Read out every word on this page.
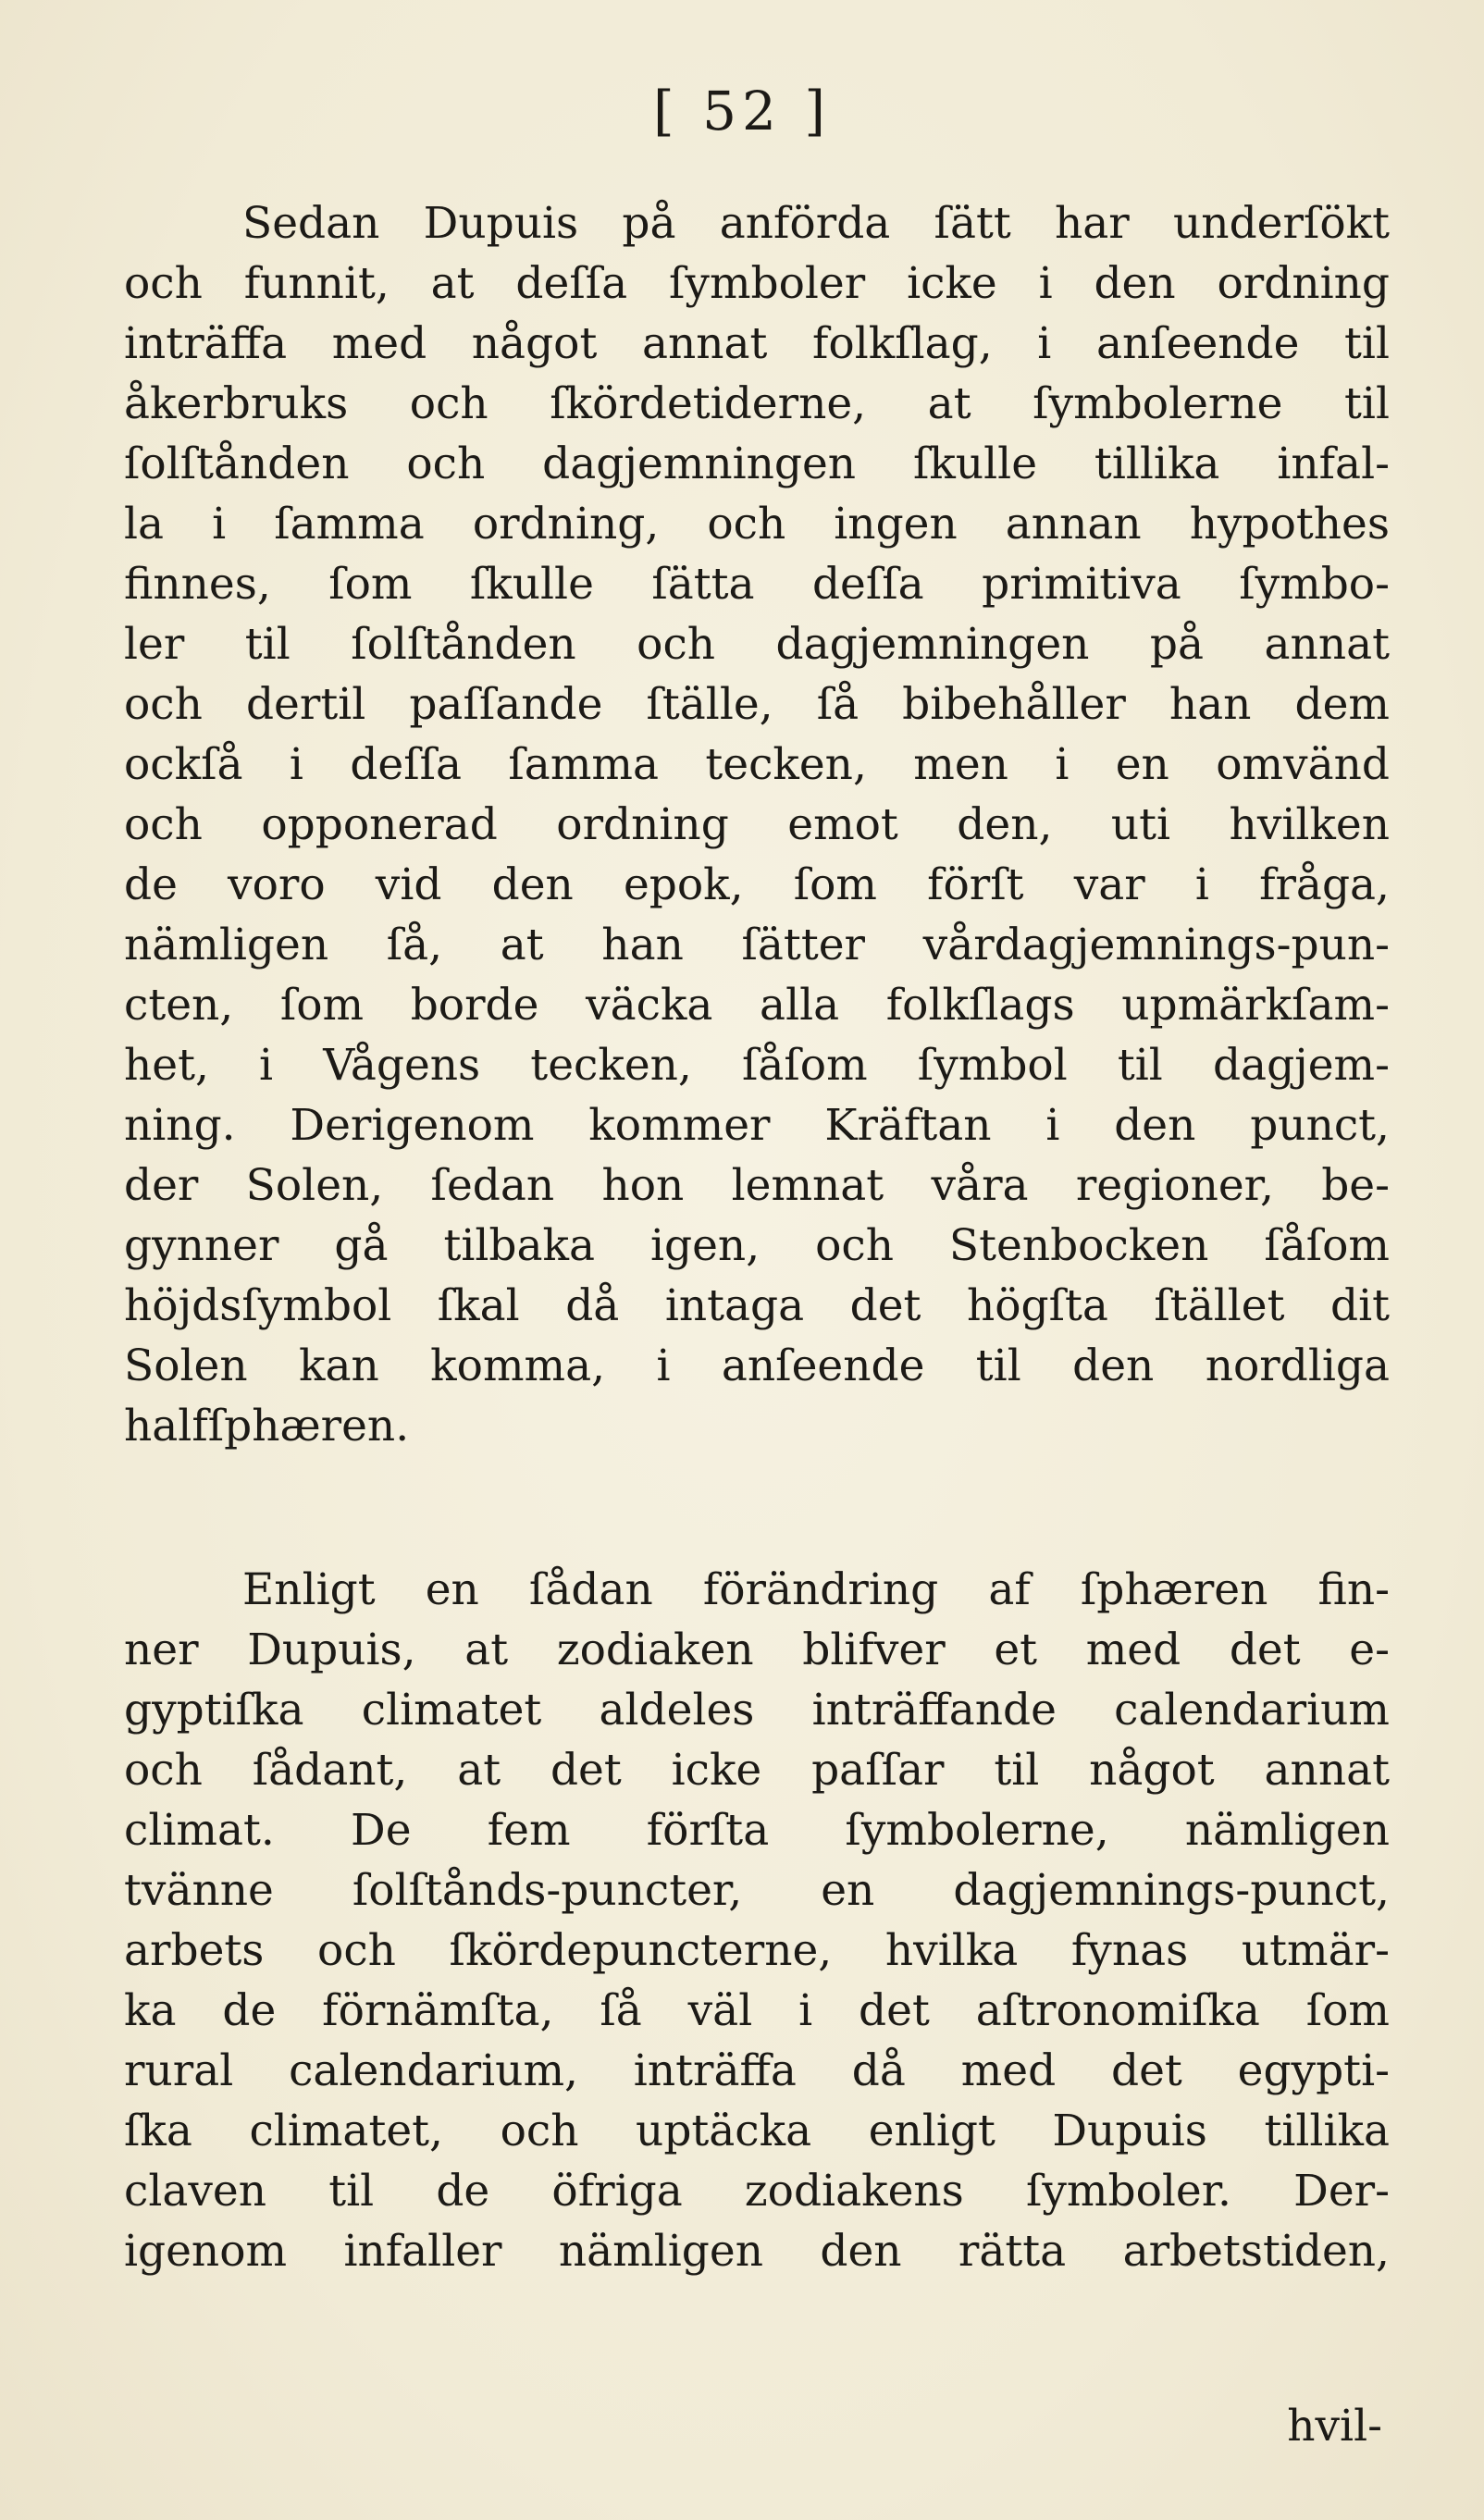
[ 52 ]
Sedan Dupuis på anförda ſätt har underſökt
och funnit, at deſſa ſymboler icke i den ordning
inträffa med något annat folkſlag, i anſeende til
åkerbruks och ſkördetiderne, at ſymbolerne til
ſolſtånden och dagjemningen ſkulle tillika infal-
la i ſamma ordning, och ingen annan hypothes
finnes, ſom ſkulle ſätta deſſa primitiva ſymbo-
ler til ſolſtånden och dagjemningen på annat
och dertil paſſande ſtälle, ſå bibehåller han dem
ockſå i deſſa ſamma tecken, men i en omvänd
och opponerad ordning emot den, uti hvilken
de voro vid den epok, ſom förſt var i fråga,
nämligen ſå, at han ſätter vårdagjemnings-pun-
cten, ſom borde väcka alla folkſlags upmärkſam-
het, i Vågens tecken, ſåſom ſymbol til dagjem-
ning. Derigenom kommer Kräftan i den punct,
der Solen, ſedan hon lemnat våra regioner, be-
gynner gå tilbaka igen, och Stenbocken ſåſom
höjdsſymbol ſkal då intaga det högſta ſtället dit
Solen kan komma, i anſeende til den nordliga
halfſphæren.
Enligt en ſådan förändring af ſphæren fin-
ner Dupuis, at zodiaken blifver et med det e-
gyptiſka climatet aldeles inträffande calendarium
och ſådant, at det icke paſſar til något annat
climat. De fem förſta ſymbolerne, nämligen
tvänne ſolſtånds-puncter, en dagjemnings-punct,
arbets och ſkördepuncterne, hvilka fynas utmär-
ka de förnämſta, ſå väl i det aſtronomiſka ſom
rural calendarium, inträffa då med det egypti-
ſka climatet, och uptäcka enligt Dupuis tillika
claven til de öfriga zodiakens ſymboler. Der-
igenom infaller nämligen den rätta arbetstiden,
hvil-
